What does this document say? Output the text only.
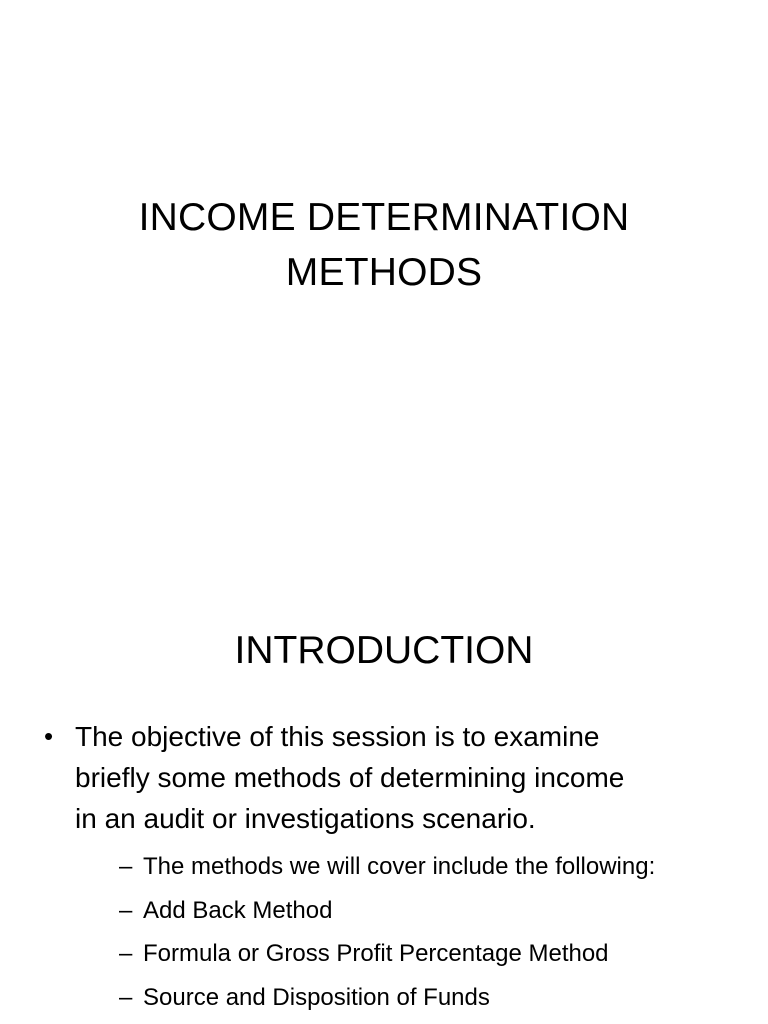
INCOME DETERMINATION
METHODS
INTRODUCTION
• The objective of this session is to examine
briefly some methods of determining income
in an audit or investigations scenario.
– The methods we will cover include the following:
– Add Back Method
– Formula or Gross Profit Percentage Method
– Source and Disposition of Funds
